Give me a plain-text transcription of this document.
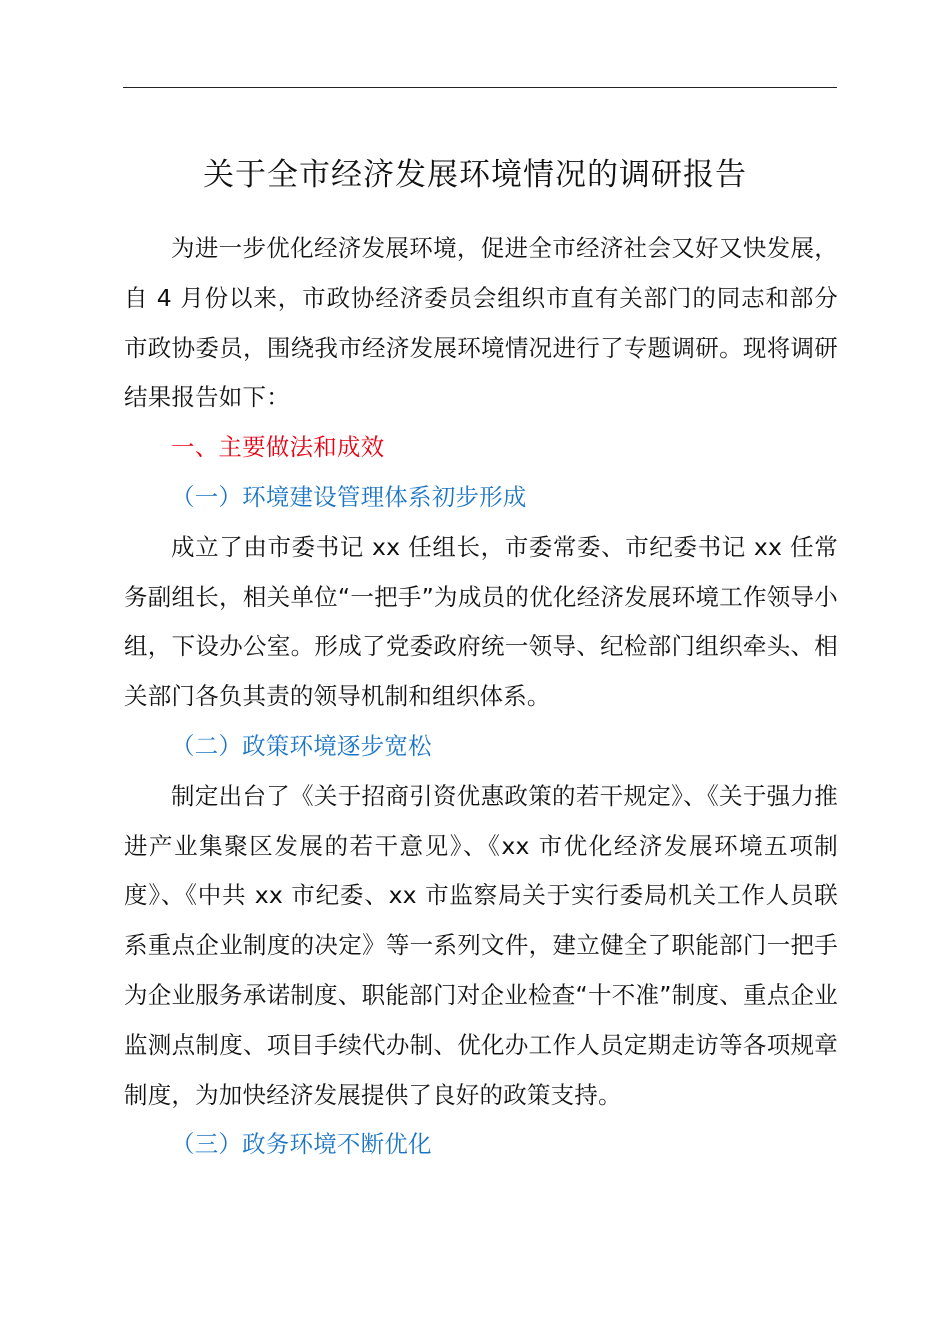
关于全市经济发展环境情况的调研报告

为进一步优化经济发展环境，促进全市经济社会又好又快发展，自 4 月份以来，市政协经济委员会组织市直有关部门的同志和部分市政协委员，围绕我市经济发展环境情况进行了专题调研。现将调研结果报告如下：

一、主要做法和成效

（一）环境建设管理体系初步形成

成立了由市委书记 xx 任组长，市委常委、市纪委书记 xx 任常务副组长，相关单位“一把手”为成员的优化经济发展环境工作领导小组，下设办公室。形成了党委政府统一领导、纪检部门组织牵头、相关部门各负其责的领导机制和组织体系。

（二）政策环境逐步宽松

制定出台了《关于招商引资优惠政策的若干规定》、《关于强力推进产业集聚区发展的若干意见》、《xx 市优化经济发展环境五项制度》、《中共 xx 市纪委、xx 市监察局关于实行委局机关工作人员联系重点企业制度的决定》等一系列文件，建立健全了职能部门一把手为企业服务承诺制度、职能部门对企业检查“十不准”制度、重点企业监测点制度、项目手续代办制、优化办工作人员定期走访等各项规章制度，为加快经济发展提供了良好的政策支持。

（三）政务环境不断优化
